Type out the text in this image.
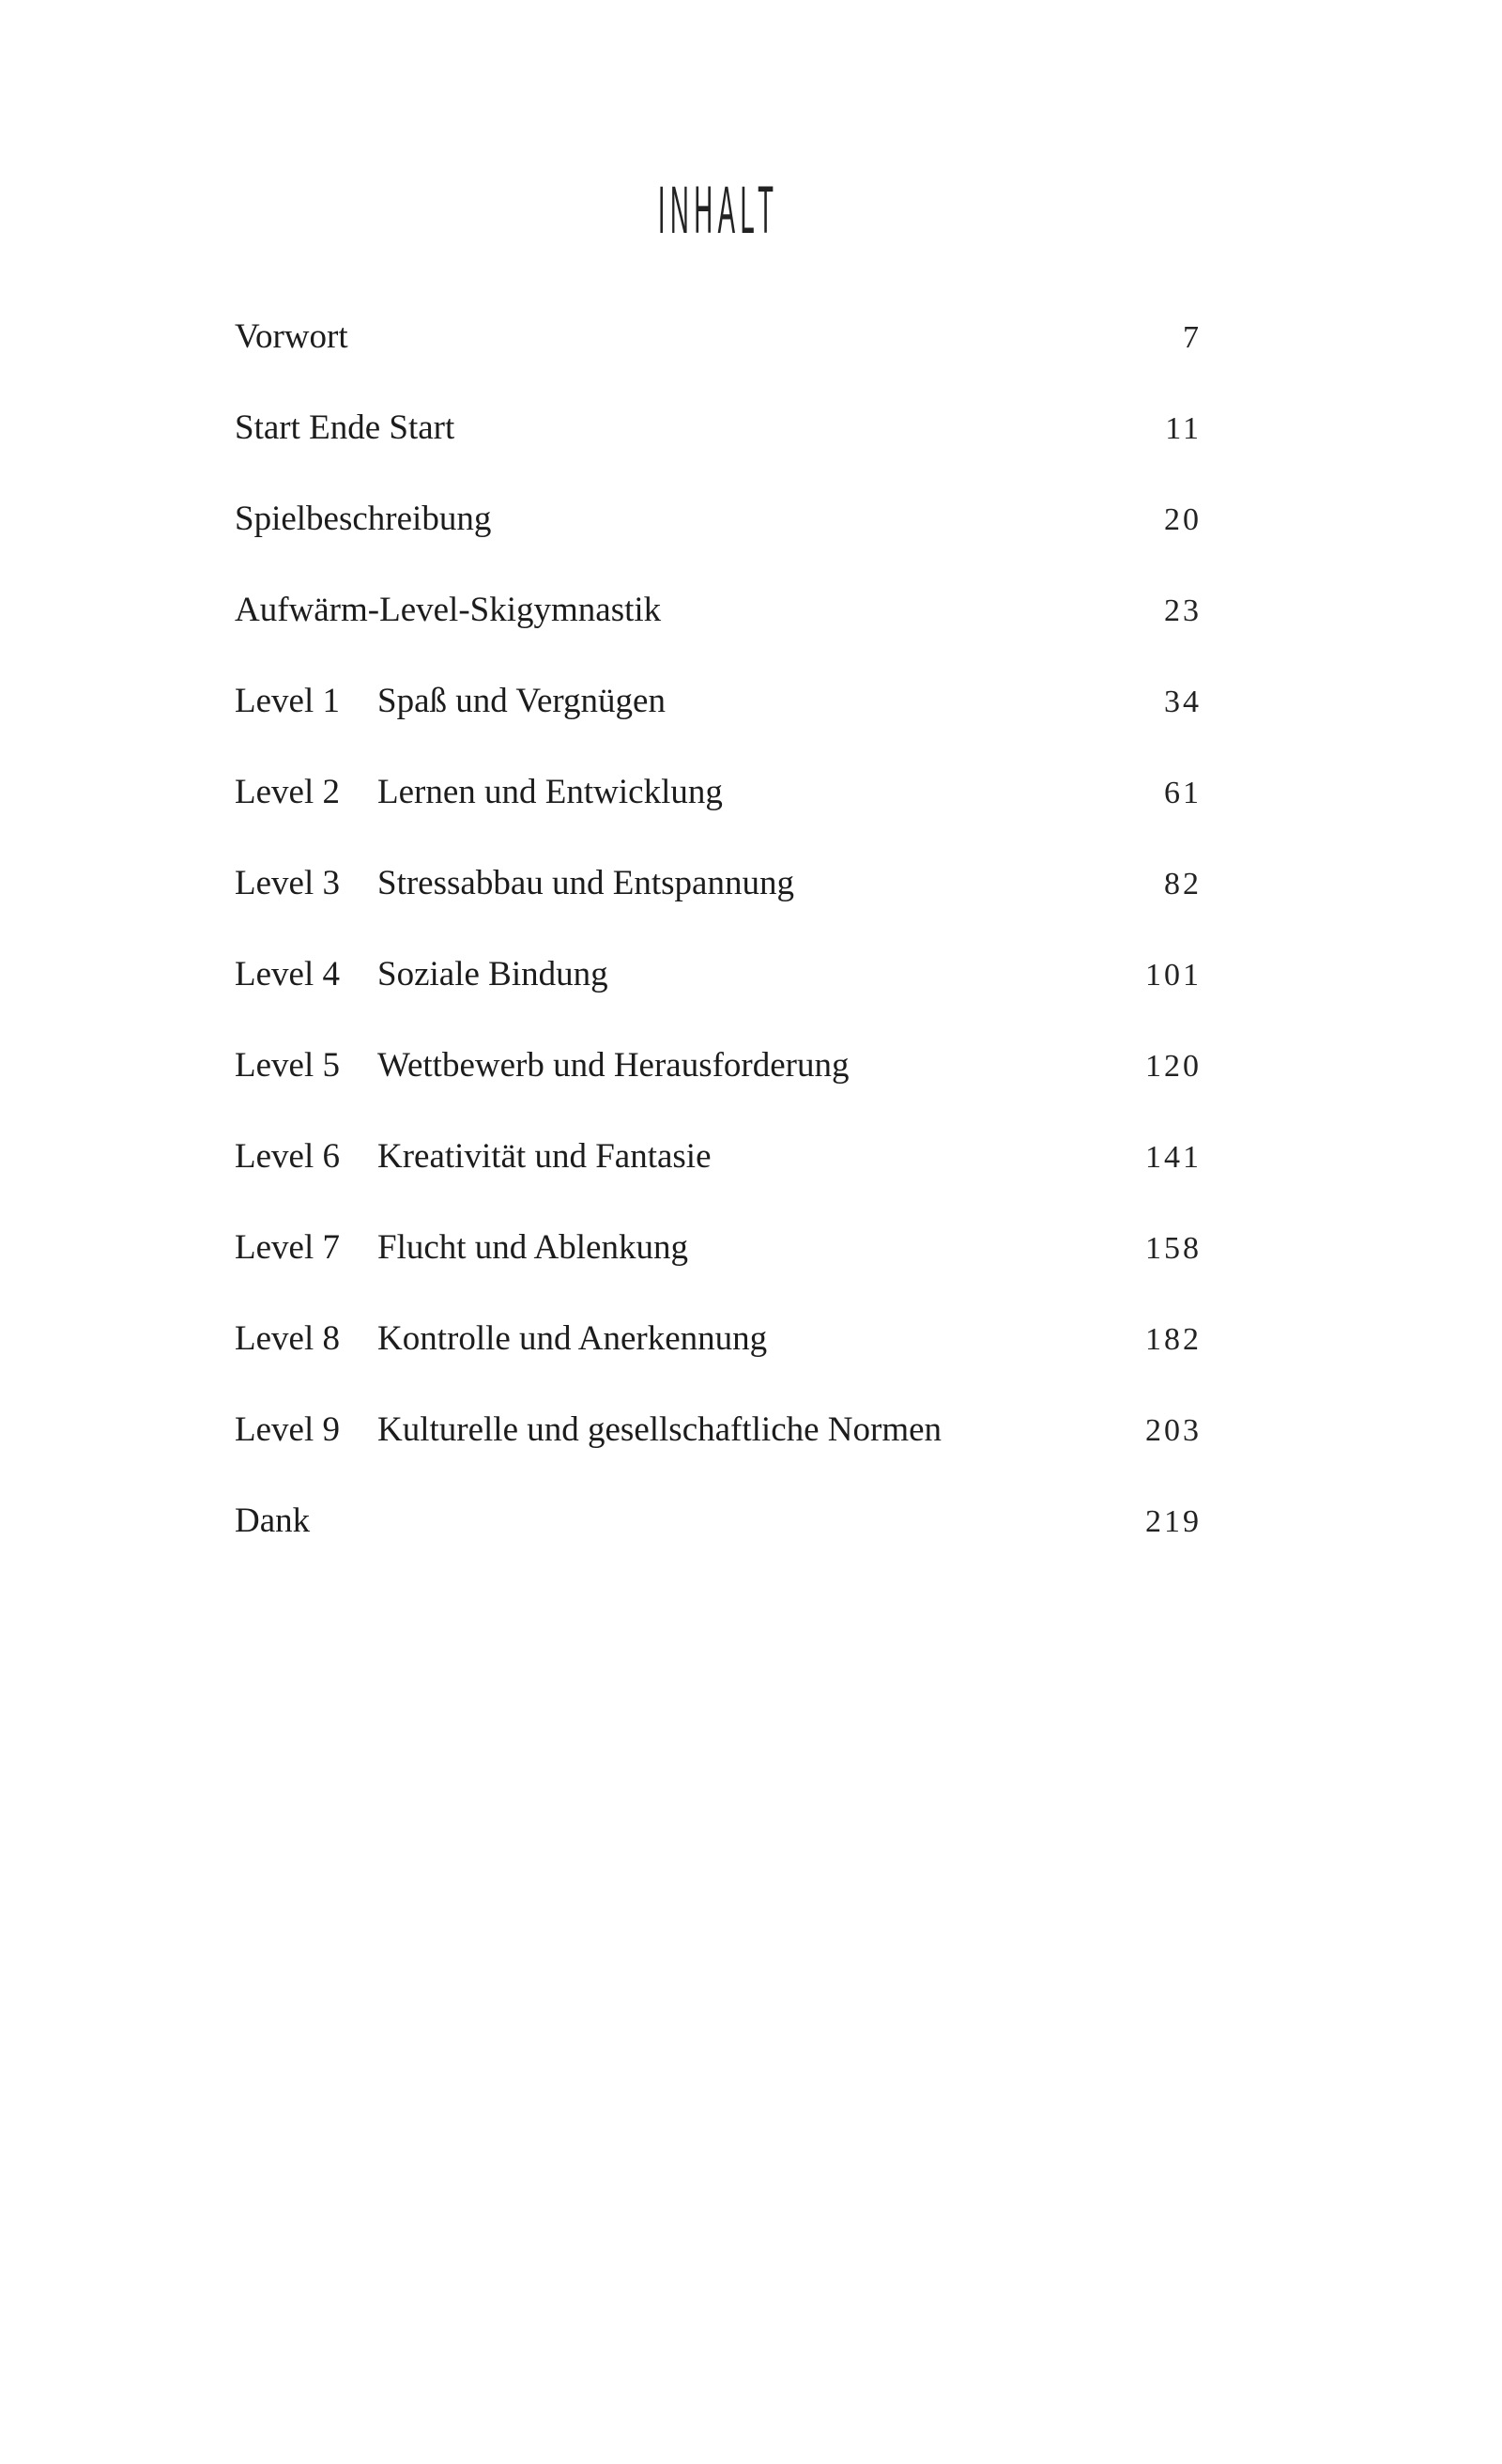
INHALT
Vorwort	7
Start Ende Start	11
Spielbeschreibung	20
Aufwärm-Level-Skigymnastik	23
Level 1	Spaß und Vergnügen	34
Level 2	Lernen und Entwicklung	61
Level 3	Stressabbau und Entspannung	82
Level 4	Soziale Bindung	101
Level 5	Wettbewerb und Herausforderung	120
Level 6	Kreativität und Fantasie	141
Level 7	Flucht und Ablenkung	158
Level 8	Kontrolle und Anerkennung	182
Level 9	Kulturelle und gesellschaftliche Normen	203
Dank	219
